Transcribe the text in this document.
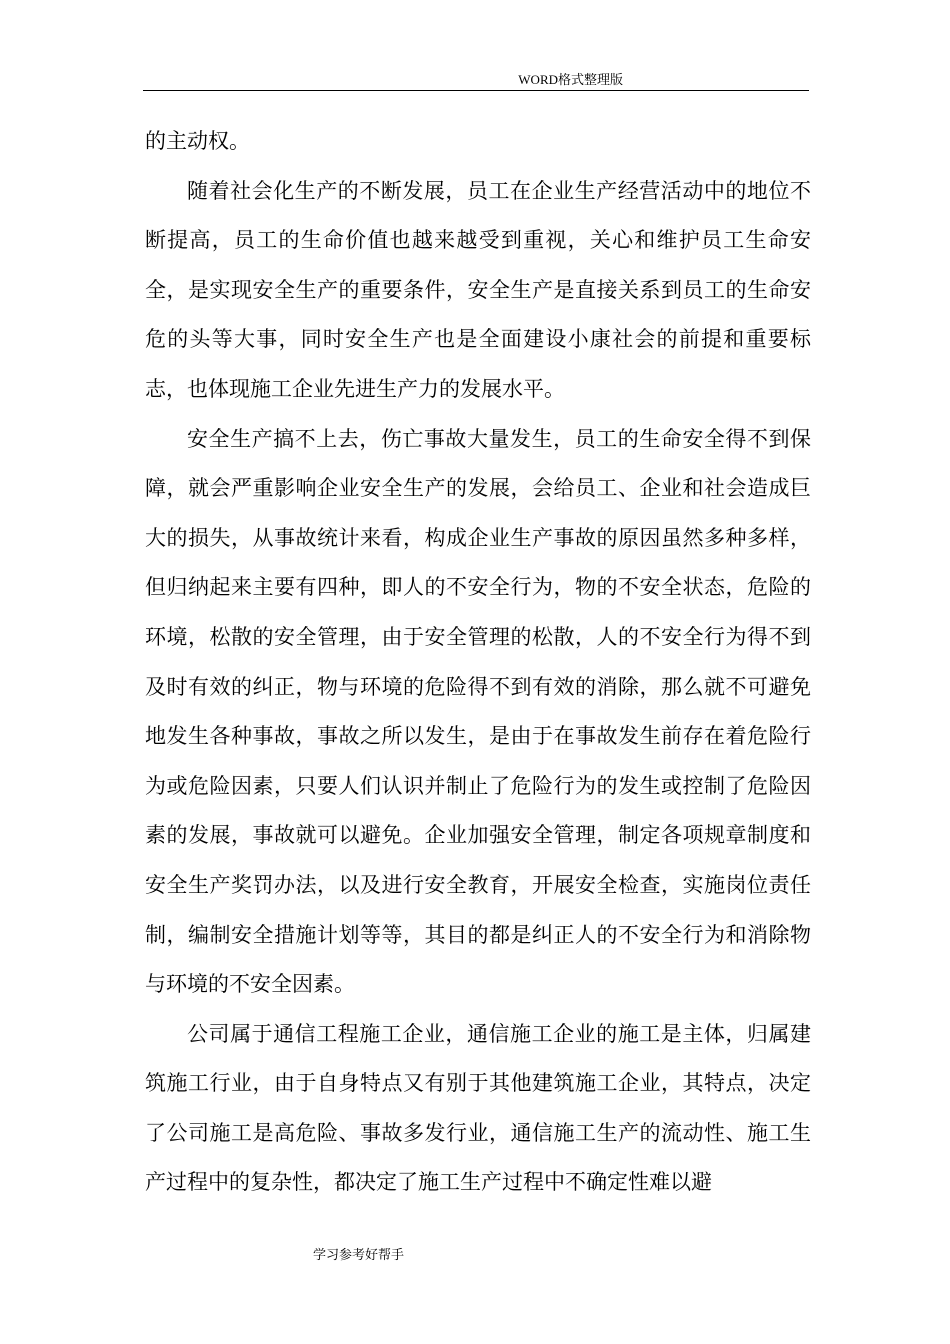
WORD格式整理版

的主动权。

随着社会化生产的不断发展，员工在企业生产经营活动中的地位不断提高，员工的生命价值也越来越受到重视，关心和维护员工生命安全，是实现安全生产的重要条件，安全生产是直接关系到员工的生命安危的头等大事，同时安全生产也是全面建设小康社会的前提和重要标志，也体现施工企业先进生产力的发展水平。

安全生产搞不上去，伤亡事故大量发生，员工的生命安全得不到保障，就会严重影响企业安全生产的发展，会给员工、企业和社会造成巨大的损失，从事故统计来看，构成企业生产事故的原因虽然多种多样，但归纳起来主要有四种，即人的不安全行为，物的不安全状态，危险的环境，松散的安全管理，由于安全管理的松散，人的不安全行为得不到及时有效的纠正，物与环境的危险得不到有效的消除，那么就不可避免地发生各种事故，事故之所以发生，是由于在事故发生前存在着危险行为或危险因素，只要人们认识并制止了危险行为的发生或控制了危险因素的发展，事故就可以避免。企业加强安全管理，制定各项规章制度和安全生产奖罚办法，以及进行安全教育，开展安全检查，实施岗位责任制，编制安全措施计划等等，其目的都是纠正人的不安全行为和消除物与环境的不安全因素。

公司属于通信工程施工企业，通信施工企业的施工是主体，归属建筑施工行业，由于自身特点又有别于其他建筑施工企业，其特点，决定了公司施工是高危险、事故多发行业，通信施工生产的流动性、施工生产过程中的复杂性，都决定了施工生产过程中不确定性难以避

学习参考好帮手
